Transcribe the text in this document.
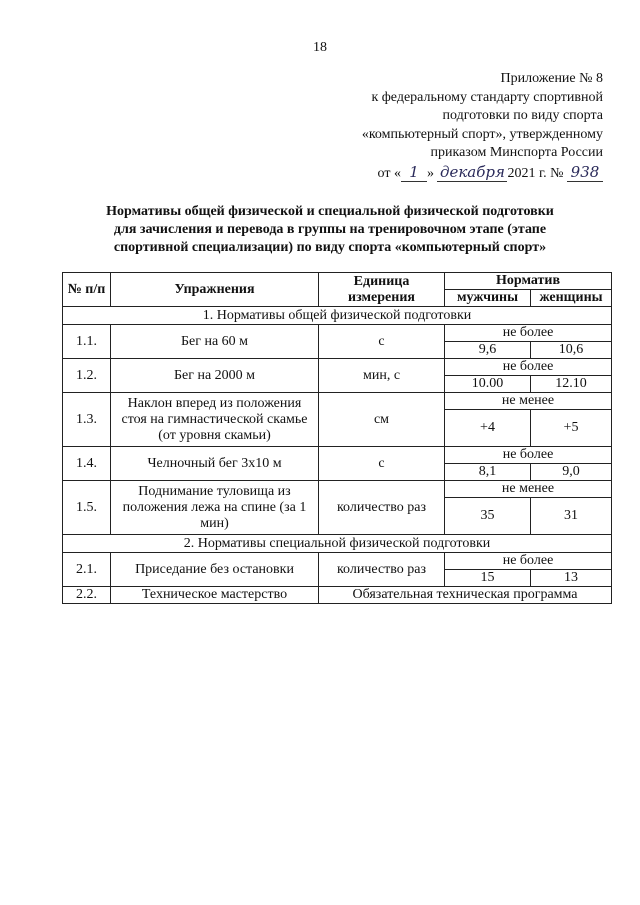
18
Приложение № 8
к федеральному стандарту спортивной
подготовки по виду спорта
«компьютерный спорт», утвержденному
приказом Минспорта России
от « 1 » декабря 2021 г. № 938
Нормативы общей физической и специальной физической подготовки
для зачисления и перевода в группы на тренировочном этапе (этапе
спортивной специализации) по виду спорта «компьютерный спорт»
№ п/п	Упражнения	Единица измерения	Норматив	
			мужчины	женщины
1. Нормативы общей физической подготовки				
1.1.	Бег на 60 м	с	не более	
			9,6	10,6
1.2.	Бег на 2000 м	мин, с	не более	
			10.00	12.10
1.3.	Наклон вперед из положения стоя на гимнастической скамье (от уровня скамьи)	см	не менее	
			+4	+5
1.4.	Челночный бег 3х10 м	с	не более	
			8,1	9,0
1.5.	Поднимание туловища из положения лежа на спине (за 1 мин)	количество раз	не менее	
			35	31
2. Нормативы специальной физической подготовки				
2.1.	Приседание без остановки	количество раз	не более	
			15	13
2.2.	Техническое мастерство	Обязательная техническая программа		
